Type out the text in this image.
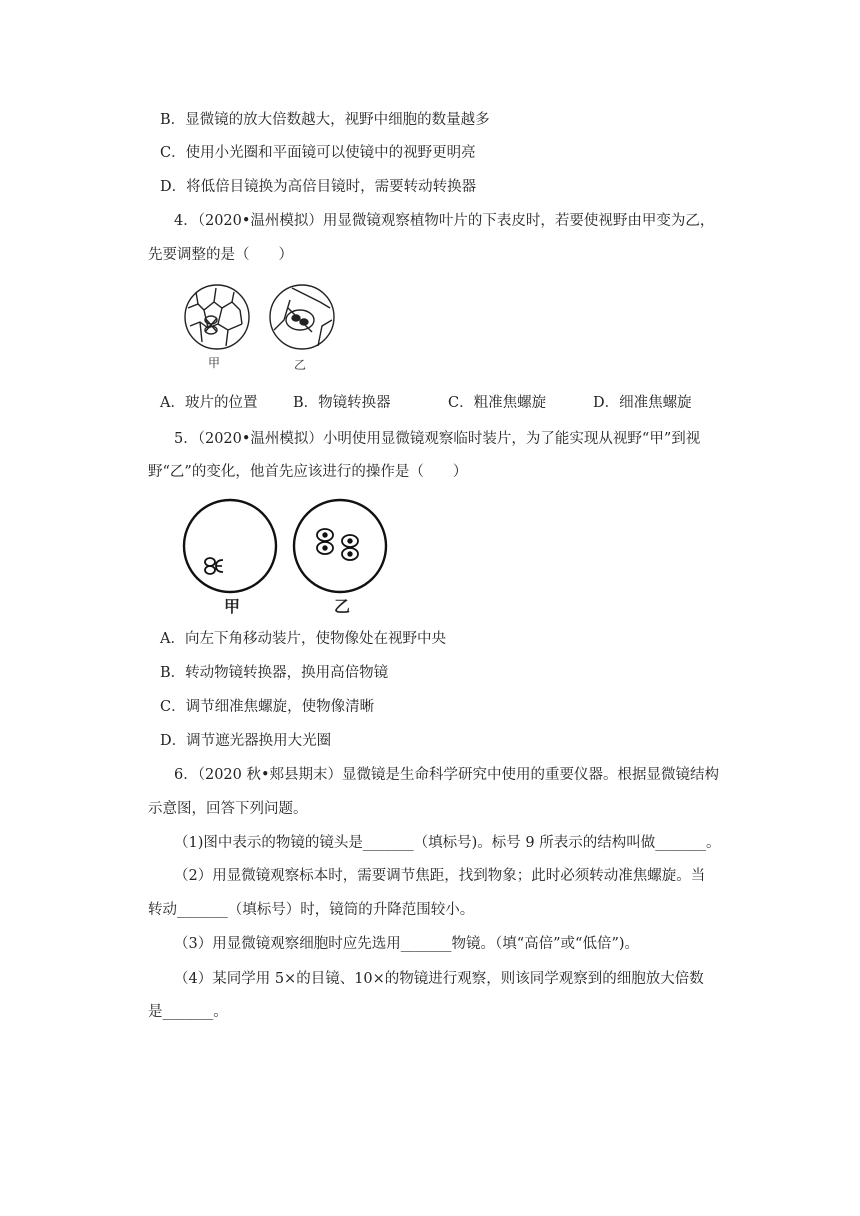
B．显微镜的放大倍数越大，视野中细胞的数量越多
C．使用小光圈和平面镜可以使镜中的视野更明亮
D．将低倍目镜换为高倍目镜时，需要转动转换器
4．（2020•温州模拟）用显微镜观察植物叶片的下表皮时，若要使视野由甲变为乙，
先要调整的是（　　）
甲	乙
A．玻片的位置 B．物镜转换器	C．粗准焦螺旋	D．细准焦螺旋
5．（2020•温州模拟）小明使用显微镜观察临时装片，为了能实现从视野“甲”到视
野“乙”的变化，他首先应该进行的操作是（　　）
甲	乙
A．向左下角移动装片，使物像处在视野中央
B．转动物镜转换器，换用高倍物镜
C．调节细准焦螺旋，使物像清晰
D．调节遮光器换用大光圈
6．（2020 秋•郏县期末）显微镜是生命科学研究中使用的重要仪器。根据显微镜结构
示意图，回答下列问题。
（1)图中表示的物镜的镜头是_______（填标号)。标号 9 所表示的结构叫做_______。
（2）用显微镜观察标本时，需要调节焦距，找到物象；此时必须转动准焦螺旋。当
转动_______（填标号）时，镜筒的升降范围较小。
（3）用显微镜观察细胞时应先选用_______物镜。（填“高倍”或“低倍”)。
（4）某同学用 5×的目镜、10×的物镜进行观察，则该同学观察到的细胞放大倍数
是_______。
